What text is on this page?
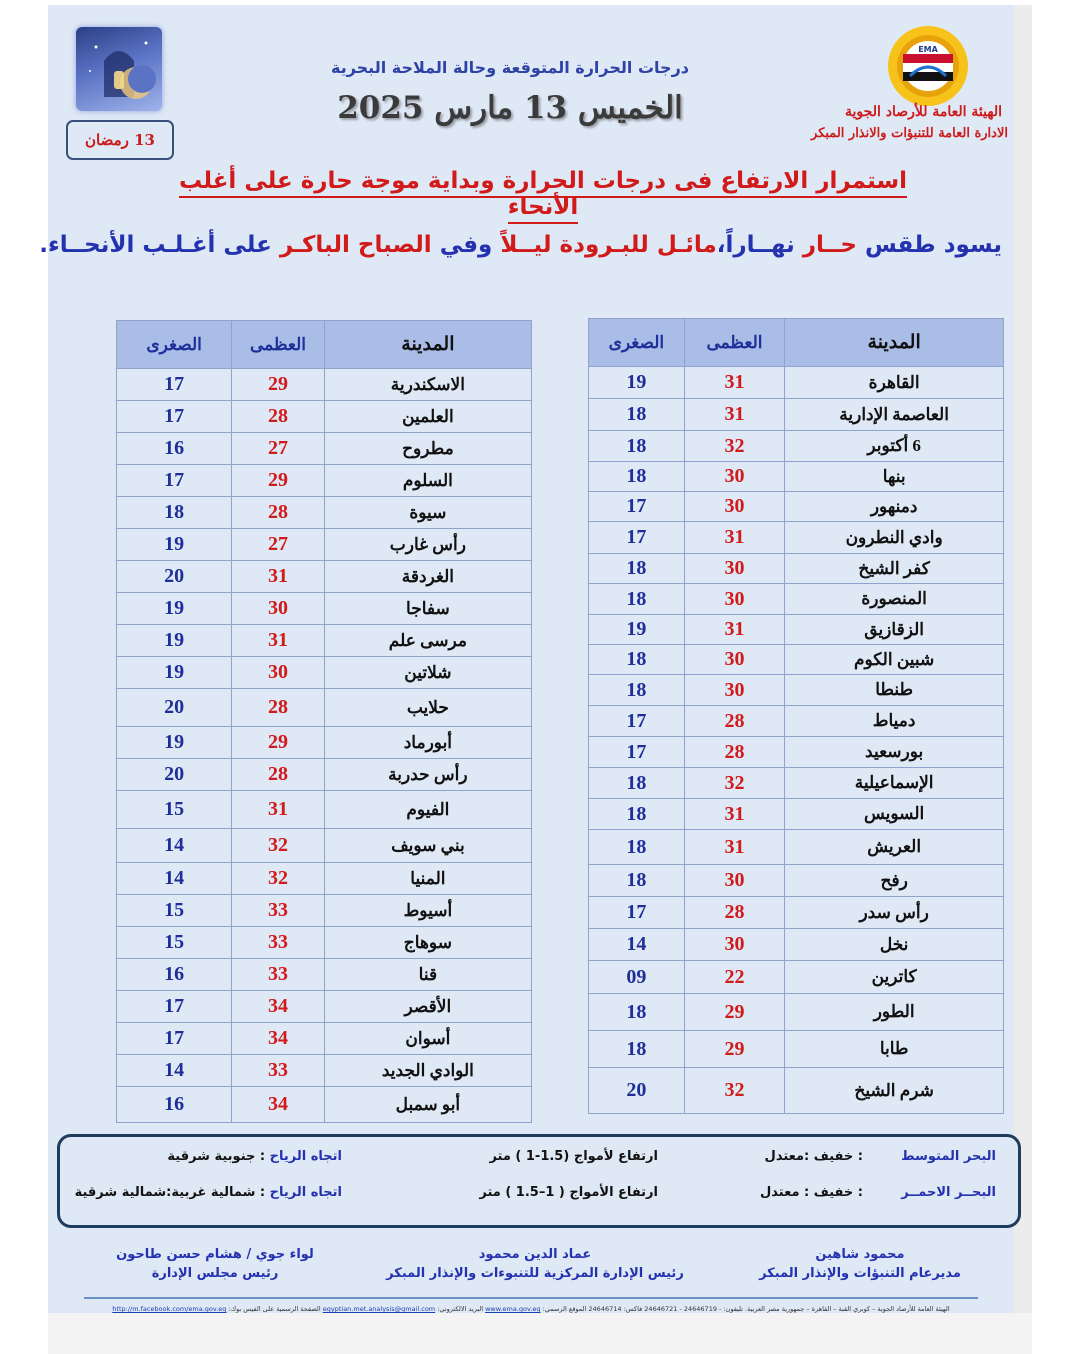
13 رمضان
درجات الحرارة المتوقعة وحالة الملاحة البحرية
الخميس 13 مارس 2025
EMA
الهيئة العامة للأرصاد الجوية
الادارة العامة للتنبؤات والانذار المبكر
استمرار الارتفاع فى درجات الحرارة وبداية موجة حارة على أغلب الأنحاء
يسود طقس حــار نهــاراً،مائـل للبـرودة ليــلاً وفي الصباح الباكـر على أغـلـب الأنحــاء.
المدينة	العظمى	الصغرى
القاهرة	31	19
العاصمة الإدارية	31	18
6 أكتوبر	32	18
بنها	30	18
دمنهور	30	17
وادي النطرون	31	17
كفر الشيخ	30	18
المنصورة	30	18
الزقازيق	31	19
شبين الكوم	30	18
طنطا	30	18
دمياط	28	17
بورسعيد	28	17
الإسماعيلية	32	18
السويس	31	18
العريش	31	18
رفح	30	18
رأس سدر	28	17
نخل	30	14
كاترين	22	09
الطور	29	18
طابا	29	18
شرم الشيخ	32	20
المدينة	العظمى	الصغرى
الاسكندرية	29	17
العلمين	28	17
مطروح	27	16
السلوم	29	17
سيوة	28	18
رأس غارب	27	19
الغردقة	31	20
سفاجا	30	19
مرسى علم	31	19
شلاتين	30	19
حلايب	28	20
أبورماد	29	19
رأس حدربة	28	20
الفيوم	31	15
بني سويف	32	14
المنيا	32	14
أسيوط	33	15
سوهاج	33	15
قنا	33	16
الأقصر	34	17
أسوان	34	17
الوادي الجديد	33	14
أبو سمبل	34	16
البحر المتوسط
: خفيف :معتدل
ارتفاع لأمواج (1.5-1 ) متر
اتجاه الرياح : جنوبية شرقية
البحــر الاحمــر
: خفيف : معتدل
ارتفاع الأمواج ( 1–1.5 ) متر
اتجاه الرياح : شمالية غربية:شمالية شرقية
محمود شاهين
مديرعام التنبؤات والإنذار المبكر
عماد الدين محمود
رئيس الإدارة المركزية للتنبوءات والإنذار المبكر
لواء جوي / هشام حسن طاحون
رئيس مجلس الإدارة
الهيئة العامة للأرصاد الجوية – كوبري القبة – القاهرة – جمهورية مصر العربية. تليفون: - 24646719 - 24646721 فاكس: 24646714 الموقع الرسمي: www.ema.gov.eg البريد الالكتروني: egyptian.met.analysis@gmail.com الصفحة الرسمية على الفيس بوك: http://m.facebook.com/ema.gov.eg
